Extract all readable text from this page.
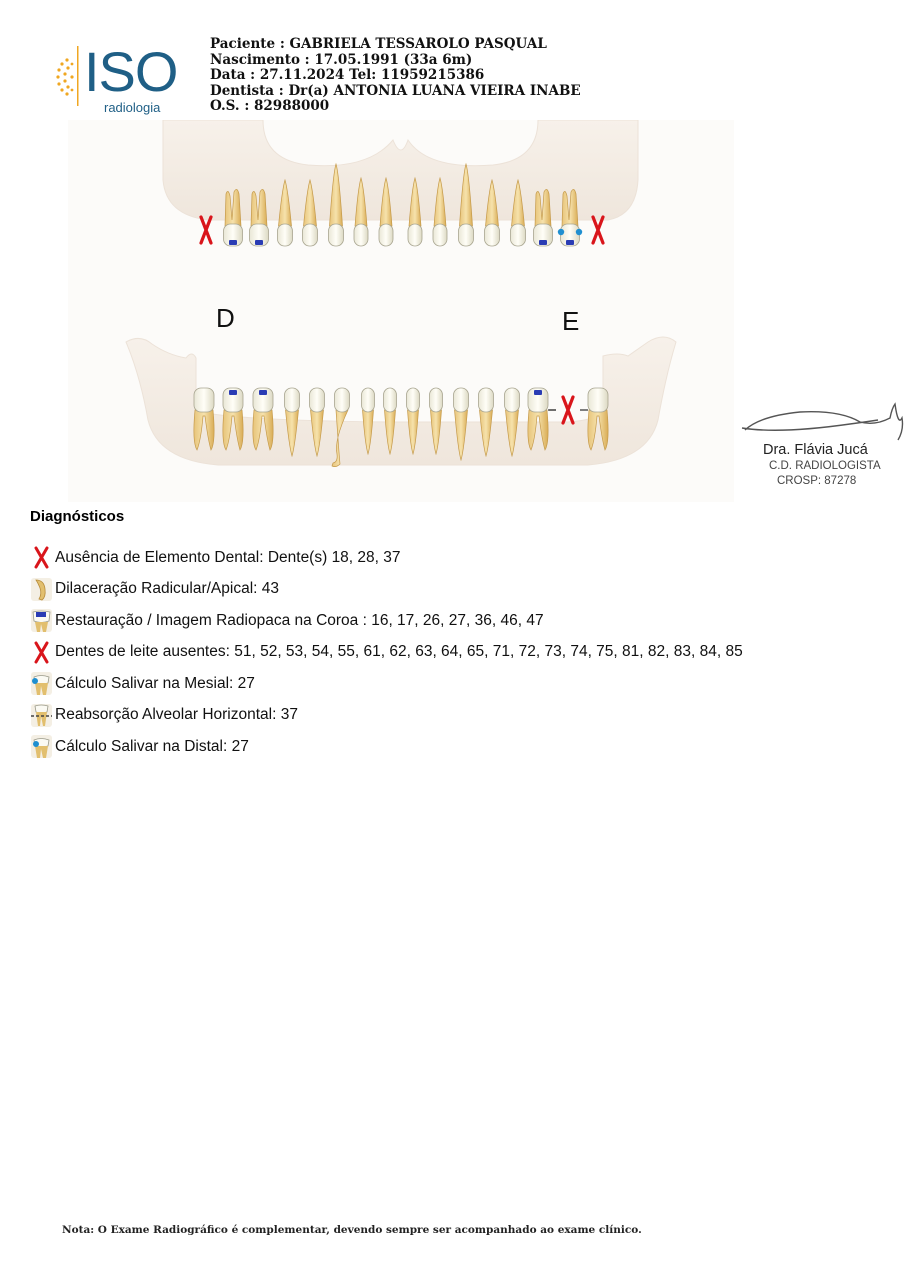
ISO
radiologia
Paciente : GABRIELA TESSAROLO PASQUAL
Nascimento : 17.05.1991 (33a 6m)
Data : 27.11.2024 Tel: 11959215386
Dentista : Dr(a) ANTONIA LUANA VIEIRA INABE
O.S. : 82988000
D	E
Dra. Flávia Jucá
C.D. RADIOLOGISTA
CROSP: 87278
Diagnósticos
Ausência de Elemento Dental: Dente(s) 18, 28, 37
Dilaceração Radicular/Apical: 43
Restauração / Imagem Radiopaca na Coroa : 16, 17, 26, 27, 36, 46, 47
Dentes de leite ausentes: 51, 52, 53, 54, 55, 61, 62, 63, 64, 65, 71, 72, 73, 74, 75, 81, 82, 83, 84, 85
Cálculo Salivar na Mesial: 27
Reabsorção Alveolar Horizontal: 37
Cálculo Salivar na Distal: 27
Nota: O Exame Radiográfico é complementar, devendo sempre ser acompanhado ao exame clínico.
